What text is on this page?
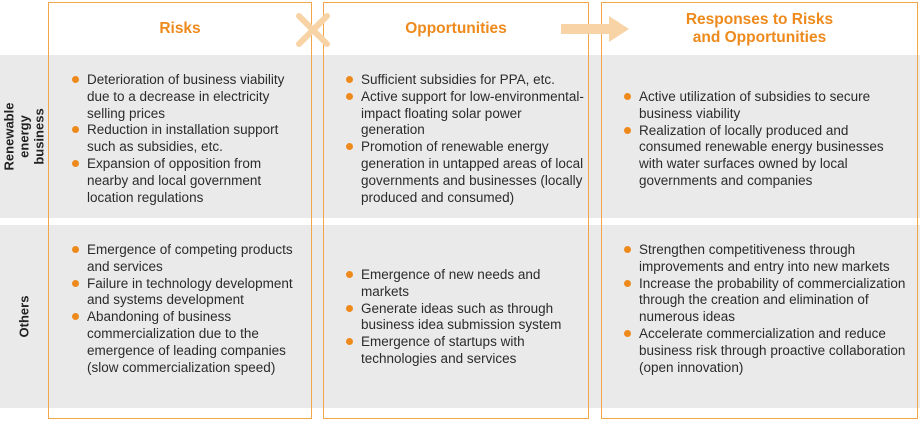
Risks	Opportunities
Responses to Risks
and Opportunities
Renewable
energy business
Others
Deterioration of business viability due to a decrease in electricity selling prices
Reduction in installation support such as subsidies, etc.
Expansion of opposition from nearby and local government location regulations
Sufficient subsidies for PPA, etc.
Active support for low-environmental-impact floating solar power generation
Promotion of renewable energy generation in untapped areas of local governments and businesses (locally produced and consumed)
Active utilization of subsidies to secure business viability
Realization of locally produced and consumed renewable energy businesses with water surfaces owned by local governments and companies
Emergence of competing products and services
Failure in technology development and systems development
Abandoning of business commercialization due to the emergence of leading companies (slow commercialization speed)
Emergence of new needs and markets
Generate ideas such as through business idea submission system
Emergence of startups with technologies and services
Strengthen competitiveness through improvements and entry into new markets
Increase the probability of commercialization through the creation and elimination of numerous ideas
Accelerate commercialization and reduce business risk through proactive collaboration (open innovation)
